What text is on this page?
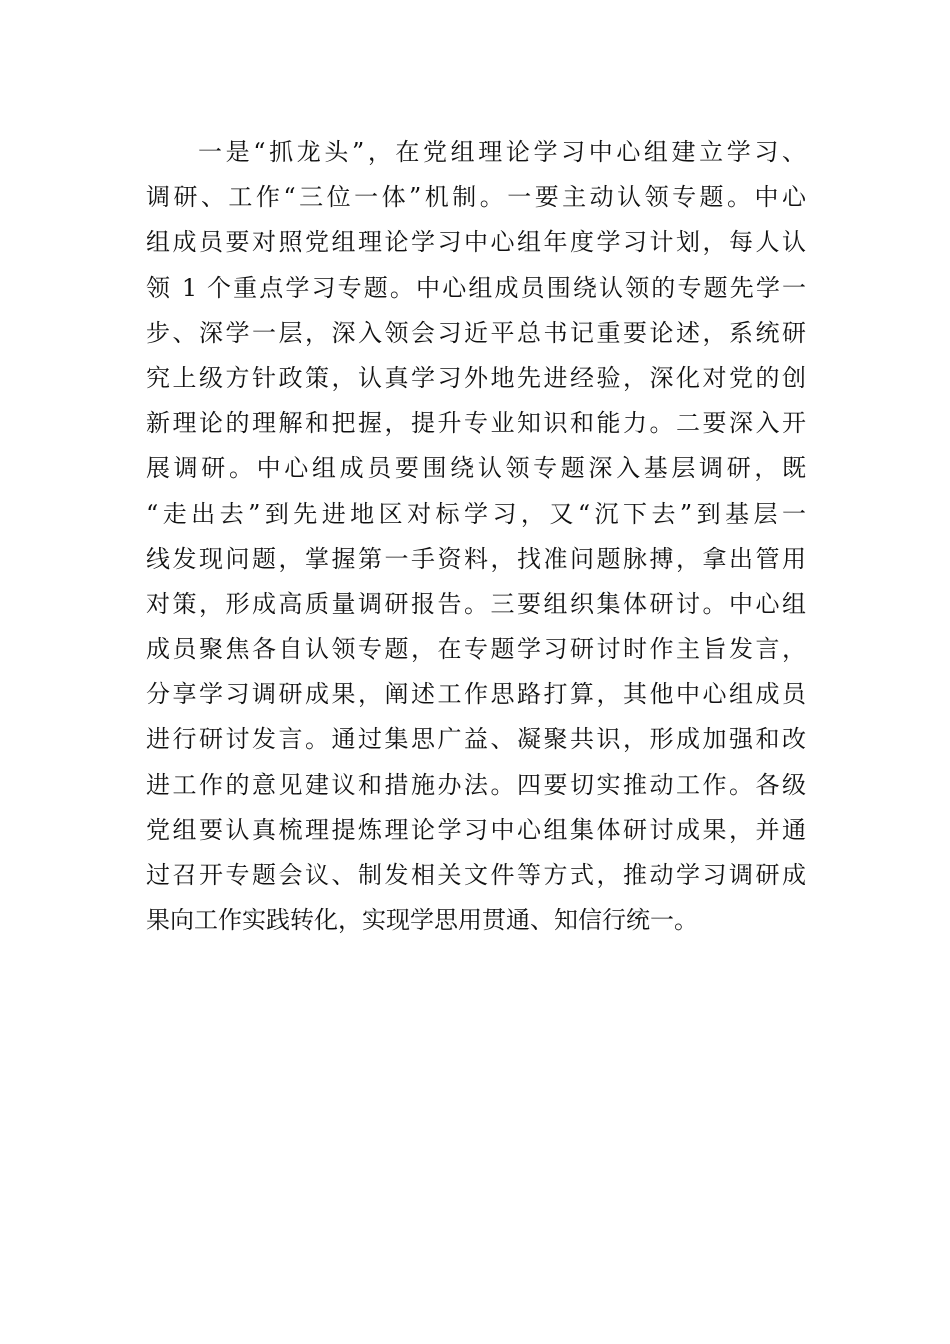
一是“抓龙头”，在党组理论学习中心组建立学习、
调研、工作“三位一体”机制。一要主动认领专题。中心
组成员要对照党组理论学习中心组年度学习计划，每人认
领 1 个重点学习专题。中心组成员围绕认领的专题先学一
步、深学一层，深入领会习近平总书记重要论述，系统研
究上级方针政策，认真学习外地先进经验，深化对党的创
新理论的理解和把握，提升专业知识和能力。二要深入开
展调研。中心组成员要围绕认领专题深入基层调研，既
“走出去”到先进地区对标学习，又“沉下去”到基层一
线发现问题，掌握第一手资料，找准问题脉搏，拿出管用
对策，形成高质量调研报告。三要组织集体研讨。中心组
成员聚焦各自认领专题，在专题学习研讨时作主旨发言，
分享学习调研成果，阐述工作思路打算，其他中心组成员
进行研讨发言。通过集思广益、凝聚共识，形成加强和改
进工作的意见建议和措施办法。四要切实推动工作。各级
党组要认真梳理提炼理论学习中心组集体研讨成果，并通
过召开专题会议、制发相关文件等方式，推动学习调研成
果向工作实践转化，实现学思用贯通、知信行统一。
